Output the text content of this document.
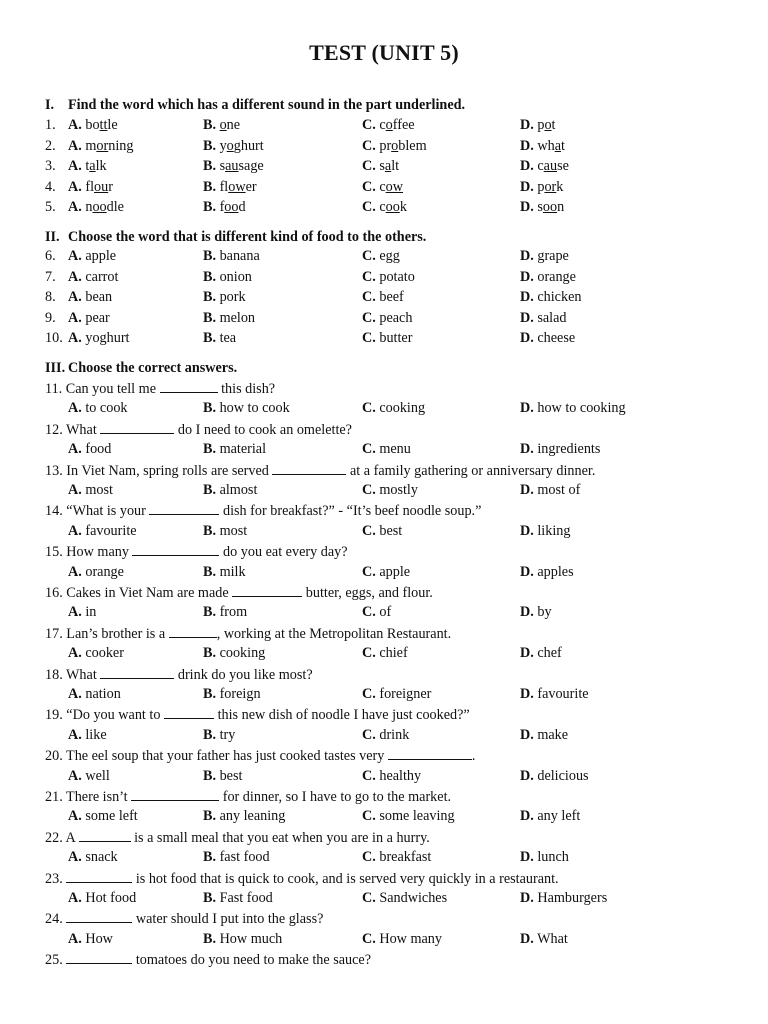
TEST (UNIT 5)
I. Find the word which has a different sound in the part underlined.
1. A. bottle	B. one	C. coffee	D. pot
2. A. morning	B. yoghurt	C. problem	D. what
3. A. talk	B. sausage	C. salt	D. cause
4. A. flour	B. flower	C. cow	D. pork
5. A. noodle	B. food	C. cook	D. soon
II. Choose the word that is different kind of food to the others.
6. A. apple	B. banana	C. egg	D. grape
7. A. carrot	B. onion	C. potato	D. orange
8. A. bean	B. pork	C. beef	D. chicken
9. A. pear	B. melon	C. peach	D. salad
10. A. yoghurt	B. tea	C. butter	D. cheese
III. Choose the correct answers.
11. Can you tell me	this dish?
A. to cook	B. how to cook	C. cooking	D. how to cooking
12. What	do I need to cook an omelette?
A. food	B. material	C. menu	D. ingredients
13. In Viet Nam, spring rolls are served	at a family gathering or anniversary dinner.
A. most	B. almost	C. mostly	D. most of
14. “What is your	dish for breakfast?” - “It’s beef noodle soup.”
A. favourite	B. most	C. best	D. liking
15. How many	do you eat every day?
A. orange	B. milk	C. apple	D. apples
16. Cakes in Viet Nam are made	butter, eggs, and flour.
A. in	B. from	C. of	D. by
17. Lan’s brother is a	, working at the Metropolitan Restaurant.
A. cooker	B. cooking	C. chief	D. chef
18. What	drink do you like most?
A. nation	B. foreign	C. foreigner	D. favourite
19. “Do you want to	this new dish of noodle I have just cooked?”
A. like	B. try	C. drink	D. make
20. The eel soup that your father has just cooked tastes very	.
A. well	B. best	C. healthy	D. delicious
21. There isn’t	for dinner, so I have to go to the market.
A. some left	B. any leaning	C. some leaving	D. any left
22. A	is a small meal that you eat when you are in a hurry.
A. snack	B. fast food	C. breakfast	D. lunch
23.	is hot food that is quick to cook, and is served very quickly in a restaurant.
A. Hot food	B. Fast food	C. Sandwiches	D. Hamburgers
24.	water should I put into the glass?
A. How	B. How much	C. How many	D. What
25.	tomatoes do you need to make the sauce?
